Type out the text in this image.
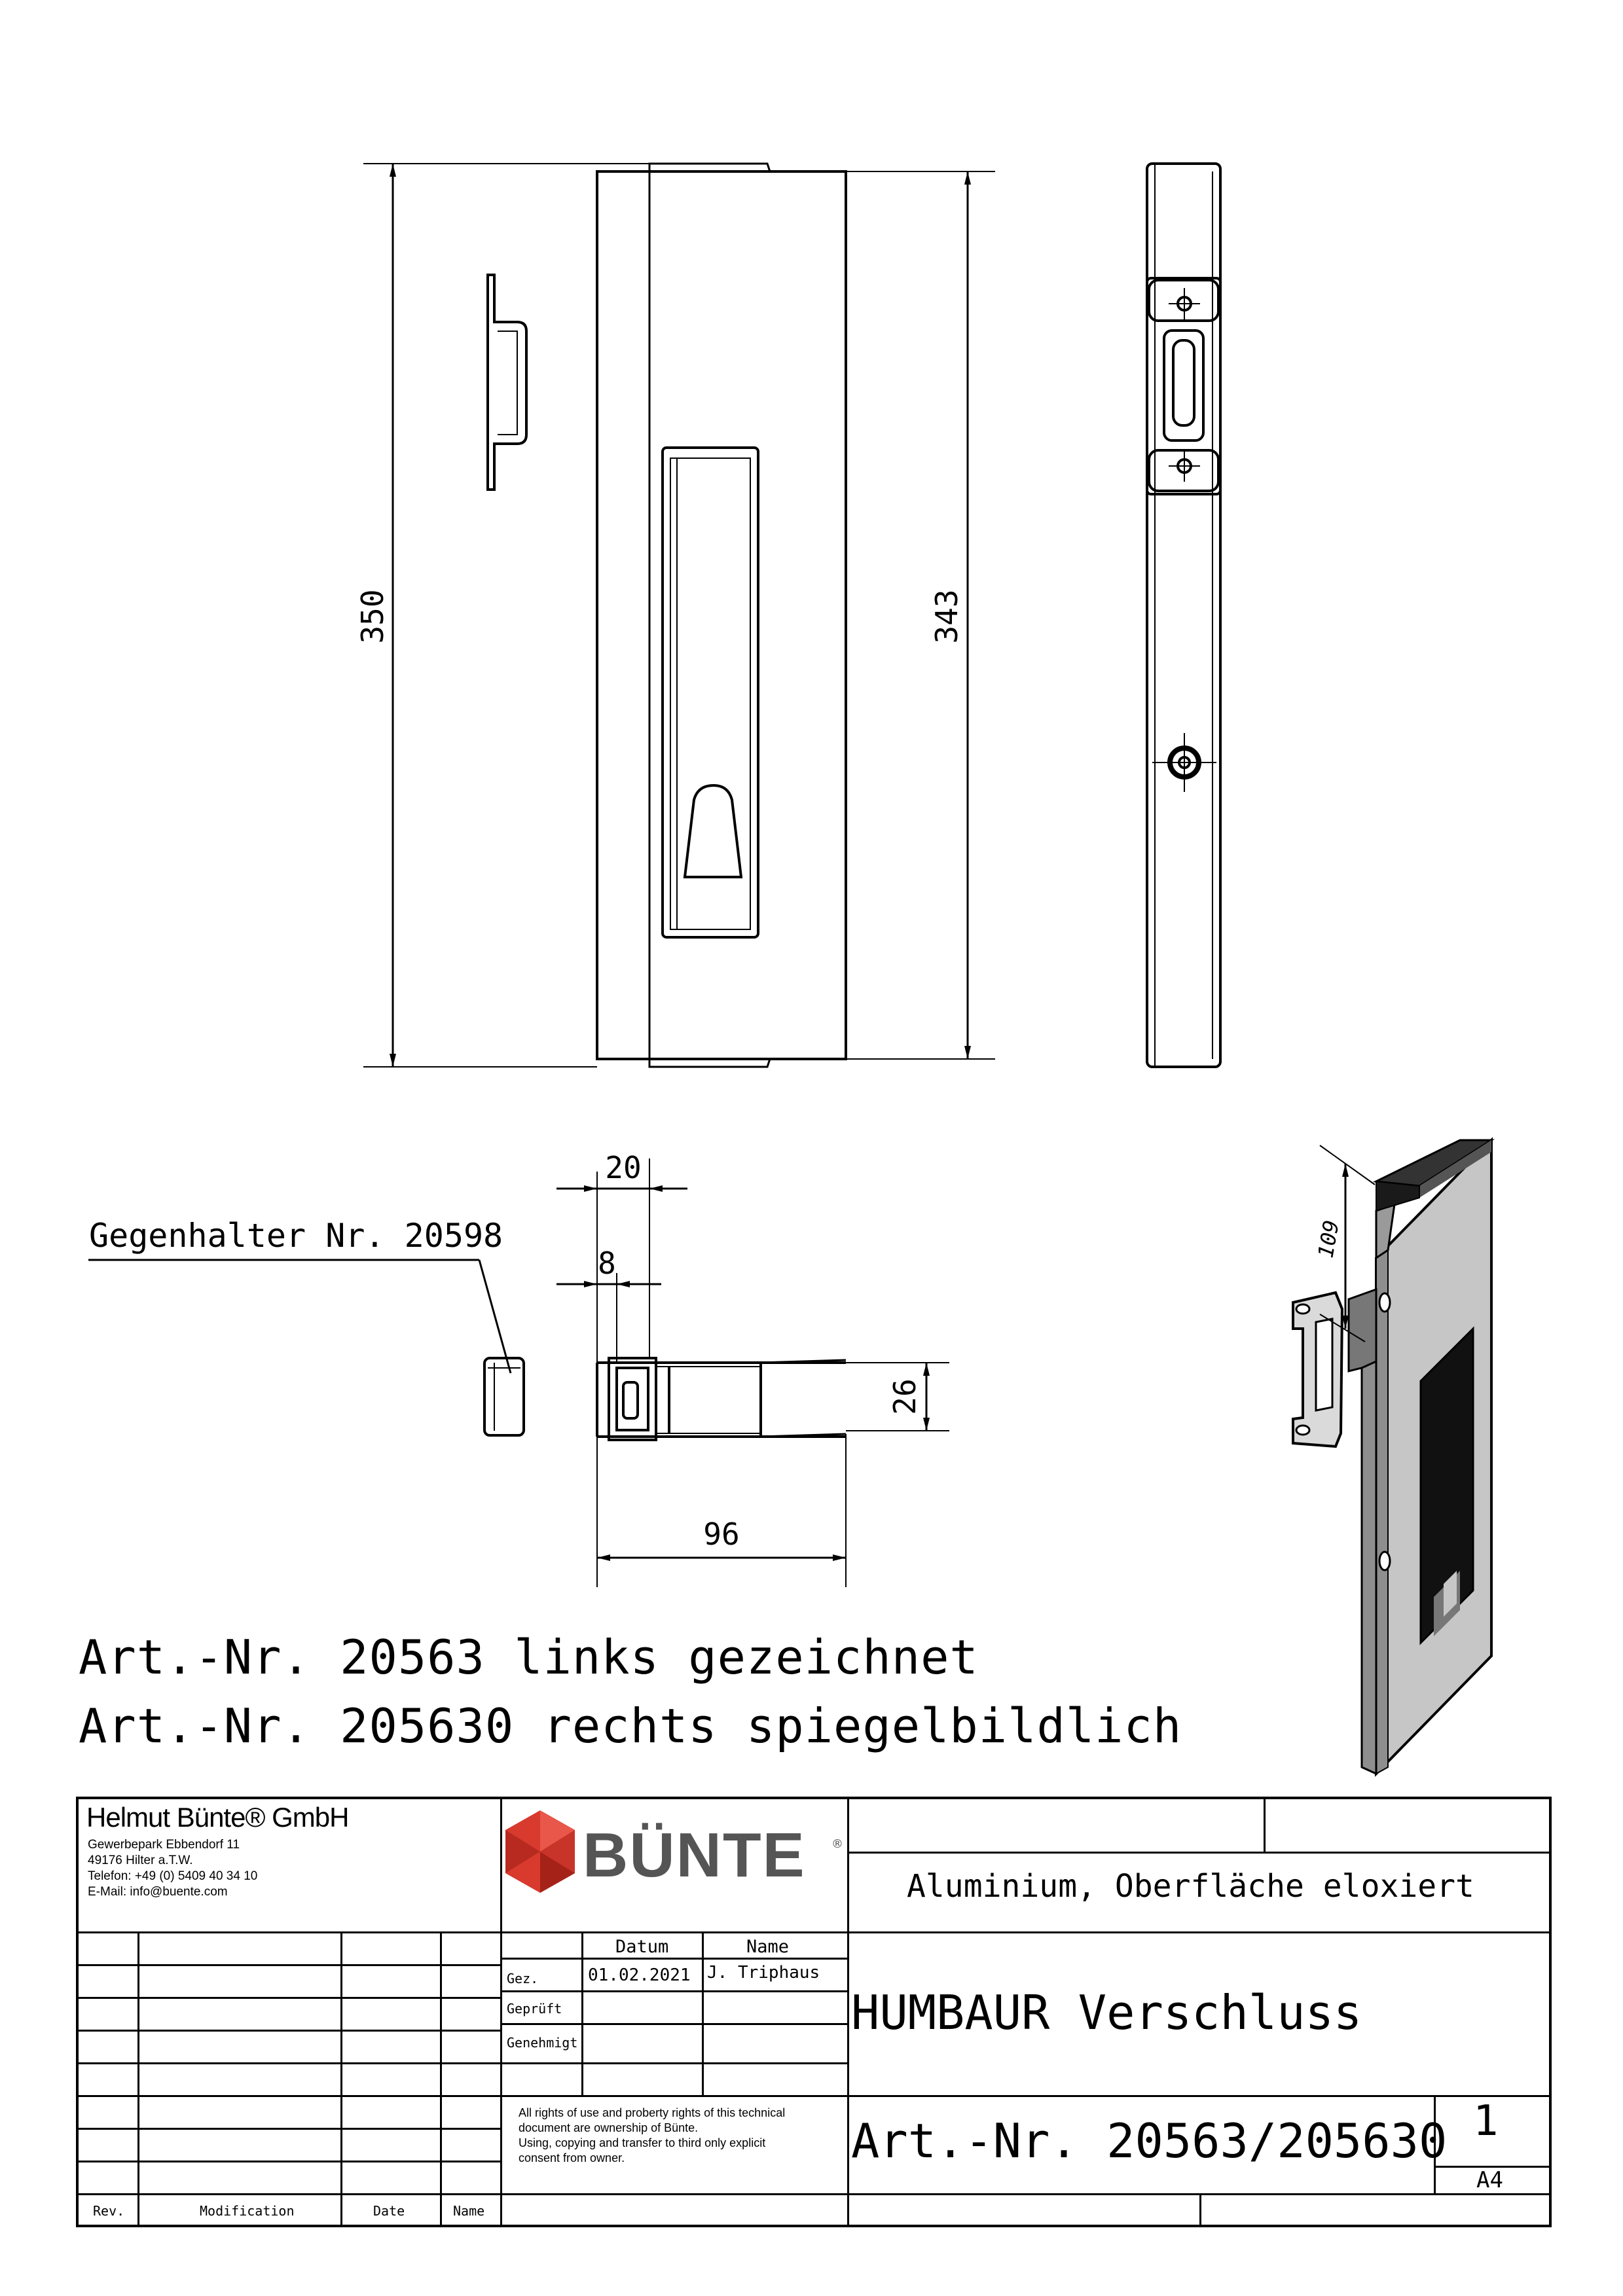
350	343
20
8
26
96
Gegenhalter Nr. 20598	109
Art.-Nr. 20563 links gezeichnet
Art.-Nr. 205630 rechts spiegelbildlich
Helmut Bünte® GmbH
Gewerbepark Ebbendorf 11
49176 Hilter a.T.W.
Telefon: +49 (0) 5409 40 34 10
E-Mail: info@buente.com
BÜNTE ®
Datum	Name
Gez.	01.02.2021 J. Triphaus
Geprüft
Genehmigt
Aluminium, Oberfläche eloxiert
HUMBAUR Verschluss
All rights of use and proberty rights of this technical
document are ownership of Bünte.
Using, copying and transfer to third only explicit
consent from owner.	Art.-Nr. 20563/205630 1
A4
Rev.	Modification	Date	Name
